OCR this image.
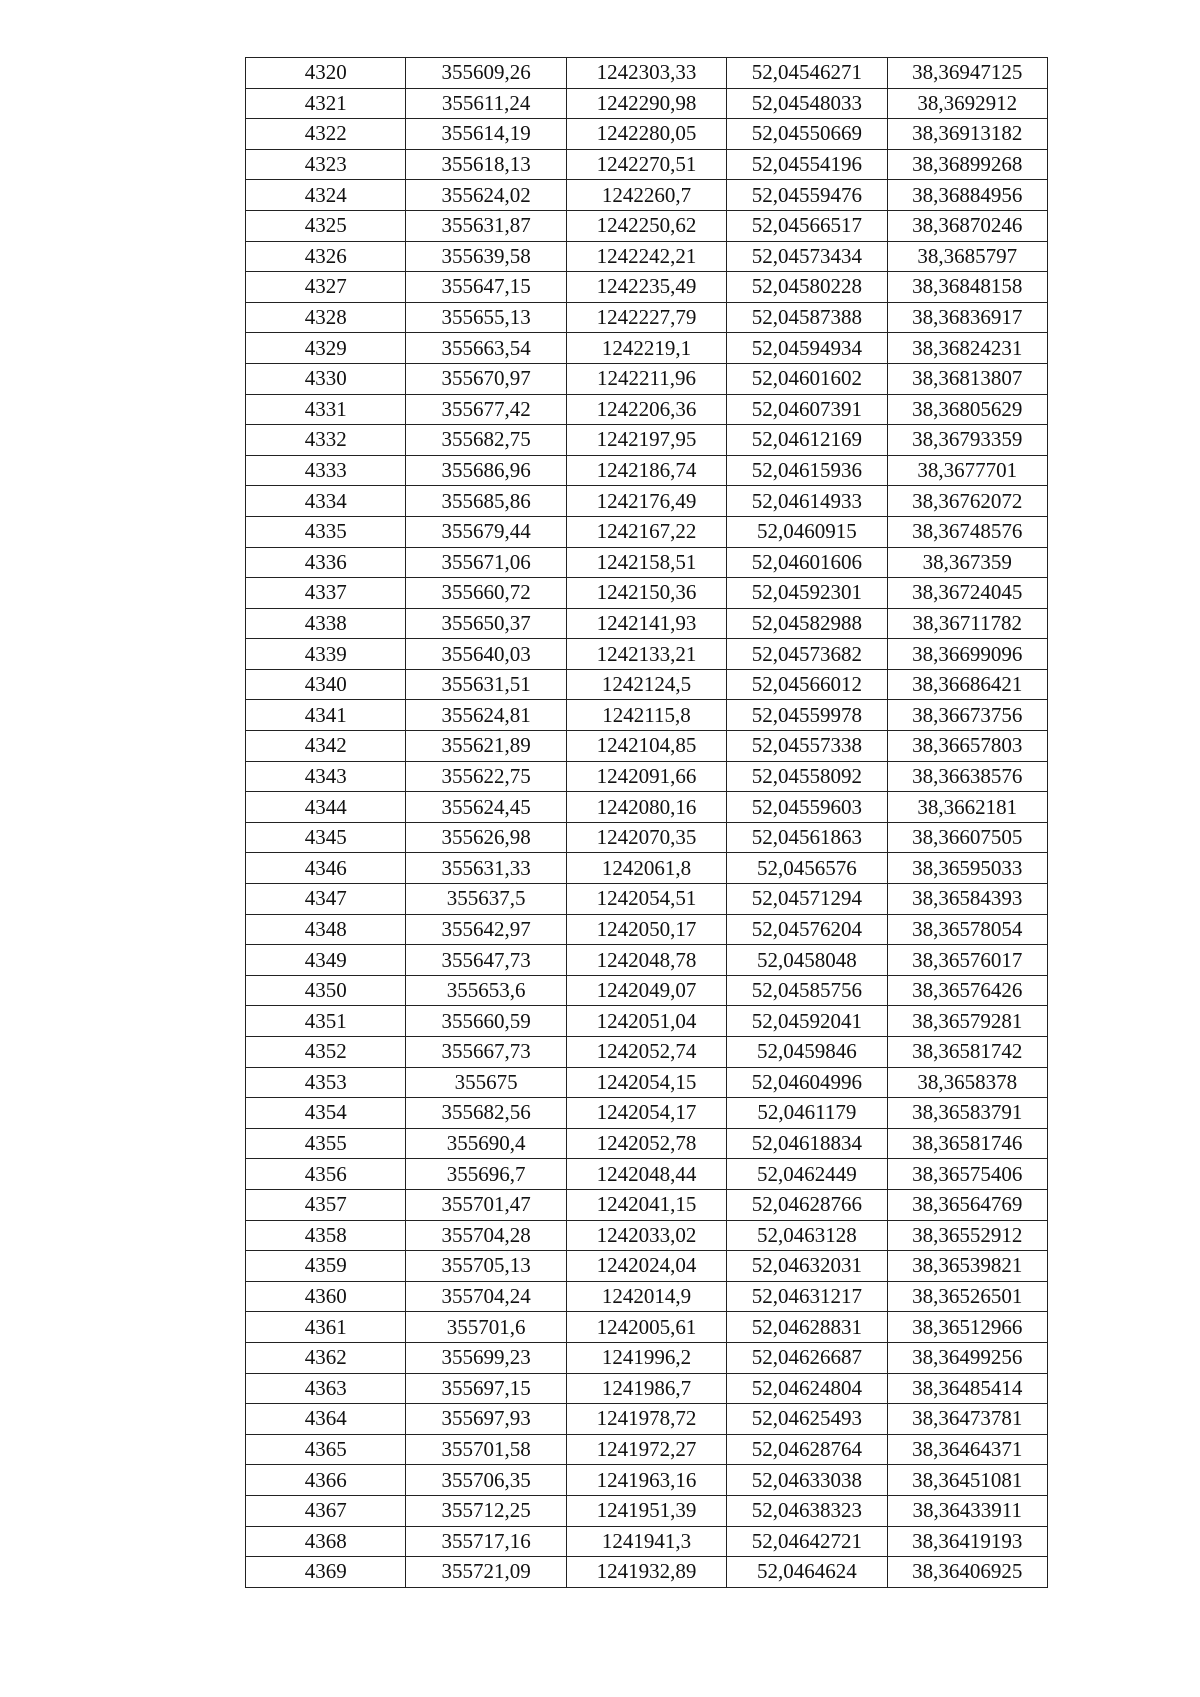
4320	355609,26	1242303,33	52,04546271	38,36947125
4321	355611,24	1242290,98	52,04548033	38,3692912
4322	355614,19	1242280,05	52,04550669	38,36913182
4323	355618,13	1242270,51	52,04554196	38,36899268
4324	355624,02	1242260,7	52,04559476	38,36884956
4325	355631,87	1242250,62	52,04566517	38,36870246
4326	355639,58	1242242,21	52,04573434	38,3685797
4327	355647,15	1242235,49	52,04580228	38,36848158
4328	355655,13	1242227,79	52,04587388	38,36836917
4329	355663,54	1242219,1	52,04594934	38,36824231
4330	355670,97	1242211,96	52,04601602	38,36813807
4331	355677,42	1242206,36	52,04607391	38,36805629
4332	355682,75	1242197,95	52,04612169	38,36793359
4333	355686,96	1242186,74	52,04615936	38,3677701
4334	355685,86	1242176,49	52,04614933	38,36762072
4335	355679,44	1242167,22	52,0460915	38,36748576
4336	355671,06	1242158,51	52,04601606	38,367359
4337	355660,72	1242150,36	52,04592301	38,36724045
4338	355650,37	1242141,93	52,04582988	38,36711782
4339	355640,03	1242133,21	52,04573682	38,36699096
4340	355631,51	1242124,5	52,04566012	38,36686421
4341	355624,81	1242115,8	52,04559978	38,36673756
4342	355621,89	1242104,85	52,04557338	38,36657803
4343	355622,75	1242091,66	52,04558092	38,36638576
4344	355624,45	1242080,16	52,04559603	38,3662181
4345	355626,98	1242070,35	52,04561863	38,36607505
4346	355631,33	1242061,8	52,0456576	38,36595033
4347	355637,5	1242054,51	52,04571294	38,36584393
4348	355642,97	1242050,17	52,04576204	38,36578054
4349	355647,73	1242048,78	52,0458048	38,36576017
4350	355653,6	1242049,07	52,04585756	38,36576426
4351	355660,59	1242051,04	52,04592041	38,36579281
4352	355667,73	1242052,74	52,0459846	38,36581742
4353	355675	1242054,15	52,04604996	38,3658378
4354	355682,56	1242054,17	52,0461179	38,36583791
4355	355690,4	1242052,78	52,04618834	38,36581746
4356	355696,7	1242048,44	52,0462449	38,36575406
4357	355701,47	1242041,15	52,04628766	38,36564769
4358	355704,28	1242033,02	52,0463128	38,36552912
4359	355705,13	1242024,04	52,04632031	38,36539821
4360	355704,24	1242014,9	52,04631217	38,36526501
4361	355701,6	1242005,61	52,04628831	38,36512966
4362	355699,23	1241996,2	52,04626687	38,36499256
4363	355697,15	1241986,7	52,04624804	38,36485414
4364	355697,93	1241978,72	52,04625493	38,36473781
4365	355701,58	1241972,27	52,04628764	38,36464371
4366	355706,35	1241963,16	52,04633038	38,36451081
4367	355712,25	1241951,39	52,04638323	38,36433911
4368	355717,16	1241941,3	52,04642721	38,36419193
4369	355721,09	1241932,89	52,0464624	38,36406925
